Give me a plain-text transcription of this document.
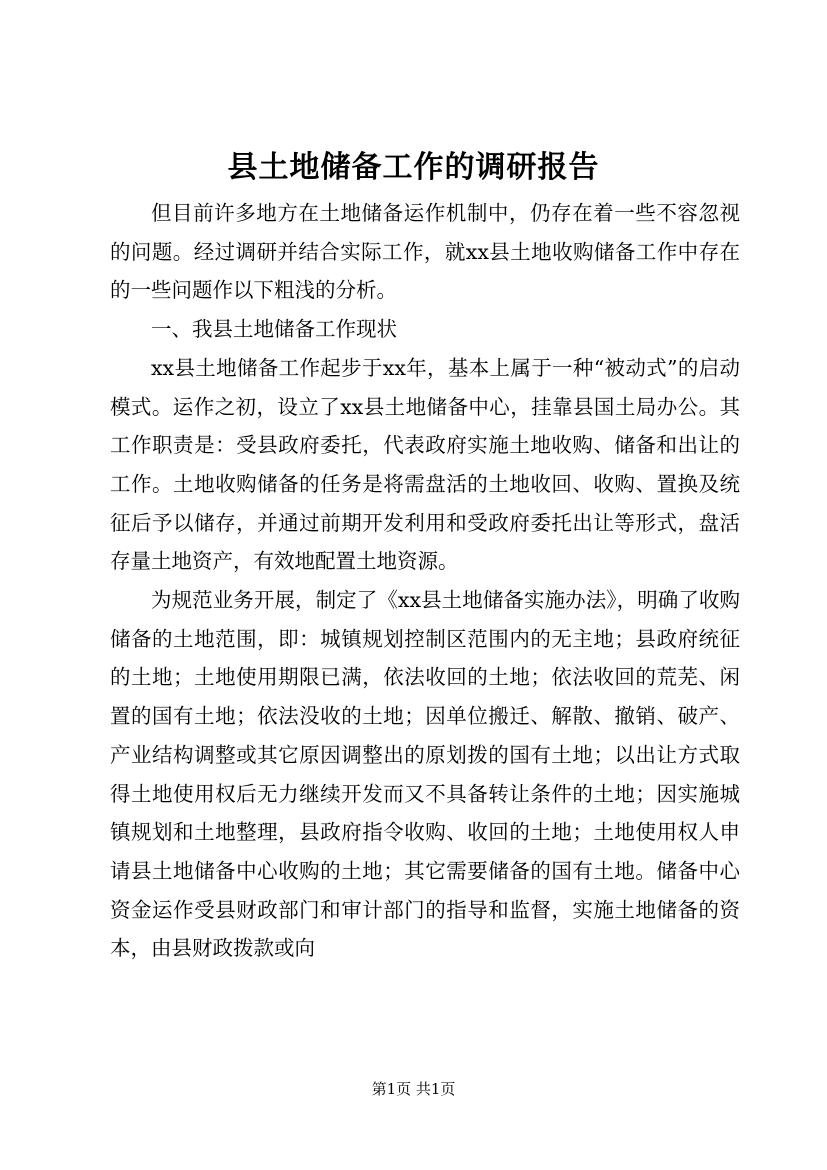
县土地储备工作的调研报告

但目前许多地方在土地储备运作机制中，仍存在着一些不容忽视的问题。经过调研并结合实际工作，就xx县土地收购储备工作中存在的一些问题作以下粗浅的分析。

一、我县土地储备工作现状

xx县土地储备工作起步于xx年，基本上属于一种“被动式”的启动模式。运作之初，设立了xx县土地储备中心，挂靠县国土局办公。其工作职责是：受县政府委托，代表政府实施土地收购、储备和出让的工作。土地收购储备的任务是将需盘活的土地收回、收购、置换及统征后予以储存，并通过前期开发利用和受政府委托出让等形式，盘活存量土地资产，有效地配置土地资源。

为规范业务开展，制定了《xx县土地储备实施办法》，明确了收购储备的土地范围，即：城镇规划控制区范围内的无主地；县政府统征的土地；土地使用期限已满，依法收回的土地；依法收回的荒芜、闲置的国有土地；依法没收的土地；因单位搬迁、解散、撤销、破产、产业结构调整或其它原因调整出的原划拨的国有土地；以出让方式取得土地使用权后无力继续开发而又不具备转让条件的土地；因实施城镇规划和土地整理，县政府指令收购、收回的土地；土地使用权人申请县土地储备中心收购的土地；其它需要储备的国有土地。储备中心资金运作受县财政部门和审计部门的指导和监督，实施土地储备的资本，由县财政拨款或向

第1页 共1页
